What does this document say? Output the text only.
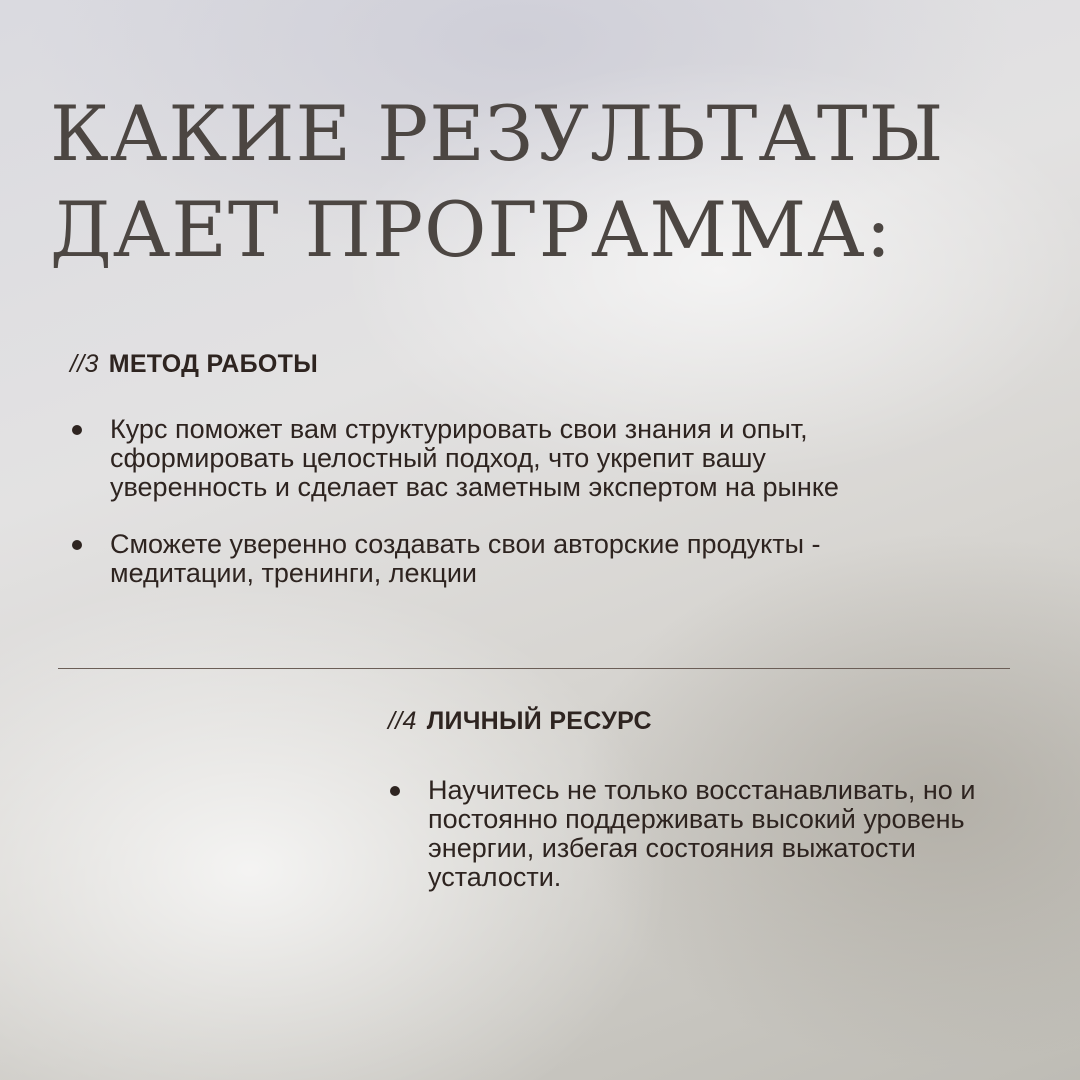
КАКИЕ РЕЗУЛЬТАТЫ
ДАЕТ ПРОГРАММА:
//3 МЕТОД РАБОТЫ
Курс поможет вам структурировать свои знания и опыт, сформировать целостный подход, что укрепит вашу уверенность и сделает вас заметным экспертом на рынке
Сможете уверенно создавать свои авторские продукты - медитации, тренинги, лекции
//4 ЛИЧНЫЙ РЕСУРС
Научитесь не только восстанавливать, но и постоянно поддерживать высокий уровень энергии, избегая состояния выжатости усталости.
